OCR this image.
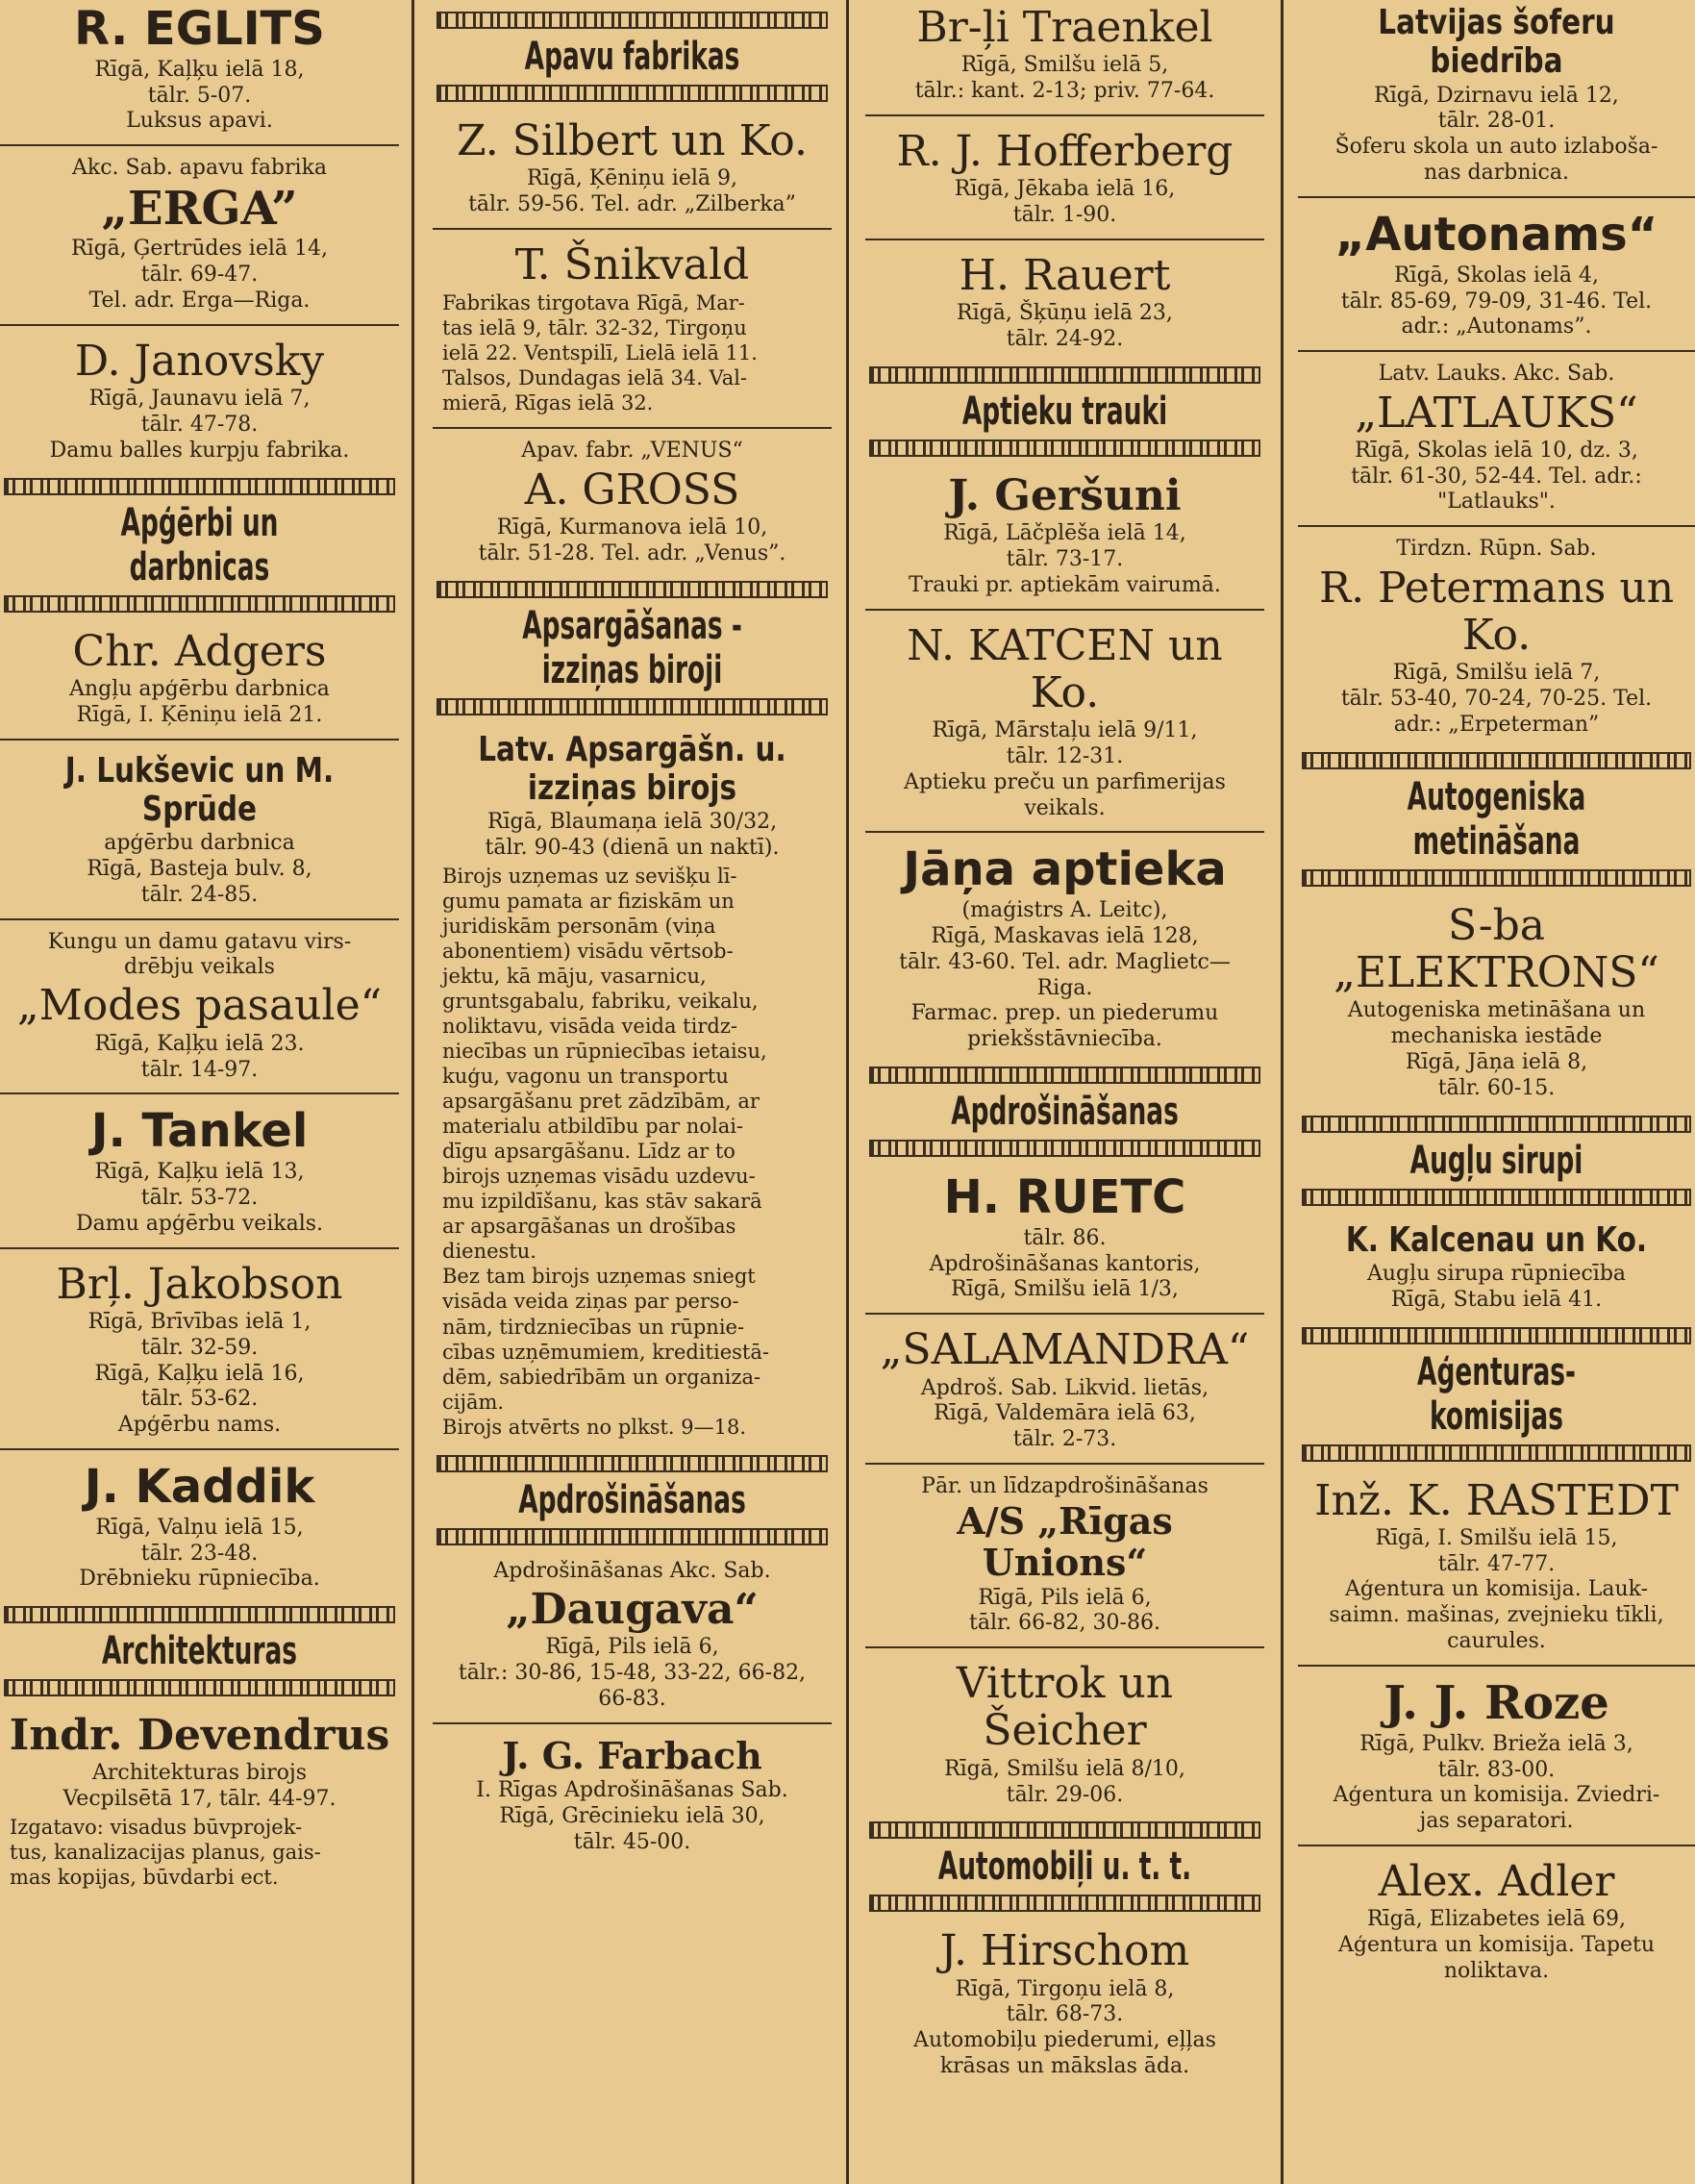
R. EGLITS
Rīgā, Kaļķu ielā 18,
tālr. 5-07.
Luksus apavi.
Akc. Sab. apavu fabrika
„ERGA”
Rīgā, Ģertrūdes ielā 14,
tālr. 69-47.
Tel. adr. Erga—Riga.
D. Janovsky
Rīgā, Jaunavu ielā 7,
tālr. 47-78.
Damu balles kurpju fabrika.
Apģērbi un darbnicas
Chr. Adgers
Angļu apģērbu darbnica
Rīgā, I. Ķēniņu ielā 21.
J. Lukševic un M. Sprūde
apģērbu darbnica
Rīgā, Basteja bulv. 8,
tālr. 24-85.
Kungu un damu gatavu virs-
drēbju veikals
„Modes pasaule“
Rīgā, Kaļķu ielā 23.
tālr. 14-97.
J. Tankel
Rīgā, Kaļķu ielā 13,
tālr. 53-72.
Damu apģērbu veikals.
Brļ. Jakobson
Rīgā, Brīvības ielā 1,
tālr. 32-59.
Rīgā, Kaļķu ielā 16,
tālr. 53-62.
Apģērbu nams.
J. Kaddik
Rīgā, Valņu ielā 15,
tālr. 23-48.
Drēbnieku rūpniecība.
Architekturas
Indr. Devendrus
Architekturas birojs
Vecpilsētā 17, tālr. 44-97.
Izgatavo: visadus būvprojek-
tus, kanalizacijas planus, gais-
mas kopijas, būvdarbi ect.
Apavu fabrikas
Z. Silbert un Ko.
Rīgā, Ķēniņu ielā 9,
tālr. 59-56. Tel. adr. „Zilberka”
T. Šnikvald
Fabrikas tirgotava Rīgā, Mar-
tas ielā 9, tālr. 32-32, Tirgoņu
ielā 22. Ventspilī, Lielā ielā 11.
Talsos, Dundagas ielā 34. Val-
mierā, Rīgas ielā 32.
Apav. fabr. „VENUS“
A. GROSS
Rīgā, Kurmanova ielā 10,
tālr. 51-28. Tel. adr. „Venus”.
Apsargāšanas - izziņas biroji
Latv. Apsargāšn. u. izziņas birojs
Rīgā, Blaumaņa ielā 30/32,
tālr. 90-43 (dienā un naktī).
Birojs uzņemas uz sevišķu lī-
gumu pamata ar fiziskām un
juridiskām personām (viņa
abonentiem) visādu vērtsob-
jektu, kā māju, vasarnicu,
gruntsgabalu, fabriku, veikalu,
noliktavu, visāda veida tirdz-
niecības un rūpniecības ietaisu,
kuģu, vagonu un transportu
apsargāšanu pret zādzībām, ar
materialu atbildību par nolai-
dīgu apsargāšanu. Līdz ar to
birojs uzņemas visādu uzdevu-
mu izpildīšanu, kas stāv sakarā
ar apsargāšanas un drošības
dienestu.
Bez tam birojs uzņemas sniegt
visāda veida ziņas par perso-
nām, tirdzniecības un rūpnie-
cības uzņēmumiem, kreditiestā-
dēm, sabiedrībām un organiza-
cijām.
Birojs atvērts no plkst. 9—18.
Apdrošināšanas
Apdrošināšanas Akc. Sab.
„Daugava“
Rīgā, Pils ielā 6,
tālr.: 30-86, 15-48, 33-22, 66-82,
66-83.
J. G. Farbach
I. Rīgas Apdrošināšanas Sab.
Rīgā, Grēcinieku ielā 30,
tālr. 45-00.
Br-ļi Traenkel
Rīgā, Smilšu ielā 5,
tālr.: kant. 2-13; priv. 77-64.
R. J. Hofferberg
Rīgā, Jēkaba ielā 16,
tālr. 1-90.
H. Rauert
Rīgā, Šķūņu ielā 23,
tālr. 24-92.
Aptieku trauki
J. Geršuni
Rīgā, Lāčplēša ielā 14,
tālr. 73-17.
Trauki pr. aptiekām vairumā.
N. KATCEN un Ko.
Rīgā, Mārstaļu ielā 9/11,
tālr. 12-31.
Aptieku preču un parfimerijas
veikals.
Jāņa aptieka
(maģistrs A. Leitc),
Rīgā, Maskavas ielā 128,
tālr. 43-60. Tel. adr. Maglietc—
Riga.
Farmac. prep. un piederumu
priekšstāvniecība.
Apdrošināšanas
H. RUETC
tālr. 86.
Apdrošināšanas kantoris,
Rīgā, Smilšu ielā 1/3,
„SALAMANDRA“
Apdroš. Sab. Likvid. lietās,
Rīgā, Valdemāra ielā 63,
tālr. 2-73.
Pār. un līdzapdrošināšanas
A/S „Rīgas Unions“
Rīgā, Pils ielā 6,
tālr. 66-82, 30-86.
Vittrok un Šeicher
Rīgā, Smilšu ielā 8/10,
tālr. 29-06.
Automobiļi u. t. t.
J. Hirschom
Rīgā, Tirgoņu ielā 8,
tālr. 68-73.
Automobiļu piederumi, eļļas
krāsas un mākslas āda.
Latvijas šoferu biedrība
Rīgā, Dzirnavu ielā 12,
tālr. 28-01.
Šoferu skola un auto izlaboša-
nas darbnica.
„Autonams“
Rīgā, Skolas ielā 4,
tālr. 85-69, 79-09, 31-46. Tel.
adr.: „Autonams”.
Latv. Lauks. Akc. Sab.
„LATLAUKS“
Rīgā, Skolas ielā 10, dz. 3,
tālr. 61-30, 52-44. Tel. adr.:
"Latlauks".
Tirdzn. Rūpn. Sab.
R. Petermans un Ko.
Rīgā, Smilšu ielā 7,
tālr. 53-40, 70-24, 70-25. Tel.
adr.: „Erpeterman”
Autogeniska metināšana
S-ba „ELEKTRONS“
Autogeniska metināšana un
mechaniska iestāde
Rīgā, Jāņa ielā 8,
tālr. 60-15.
Augļu sirupi
K. Kalcenau un Ko.
Augļu sirupa rūpniecība
Rīgā, Stabu ielā 41.
Aģenturas-komisijas
Inž. K. RASTEDT
Rīgā, I. Smilšu ielā 15,
tālr. 47-77.
Aģentura un komisija. Lauk-
saimn. mašinas, zvejnieku tīkli,
caurules.
J. J. Roze
Rīgā, Pulkv. Brieža ielā 3,
tālr. 83-00.
Aģentura un komisija. Zviedri-
jas separatori.
Alex. Adler
Rīgā, Elizabetes ielā 69,
Aģentura un komisija. Tapetu
noliktava.
